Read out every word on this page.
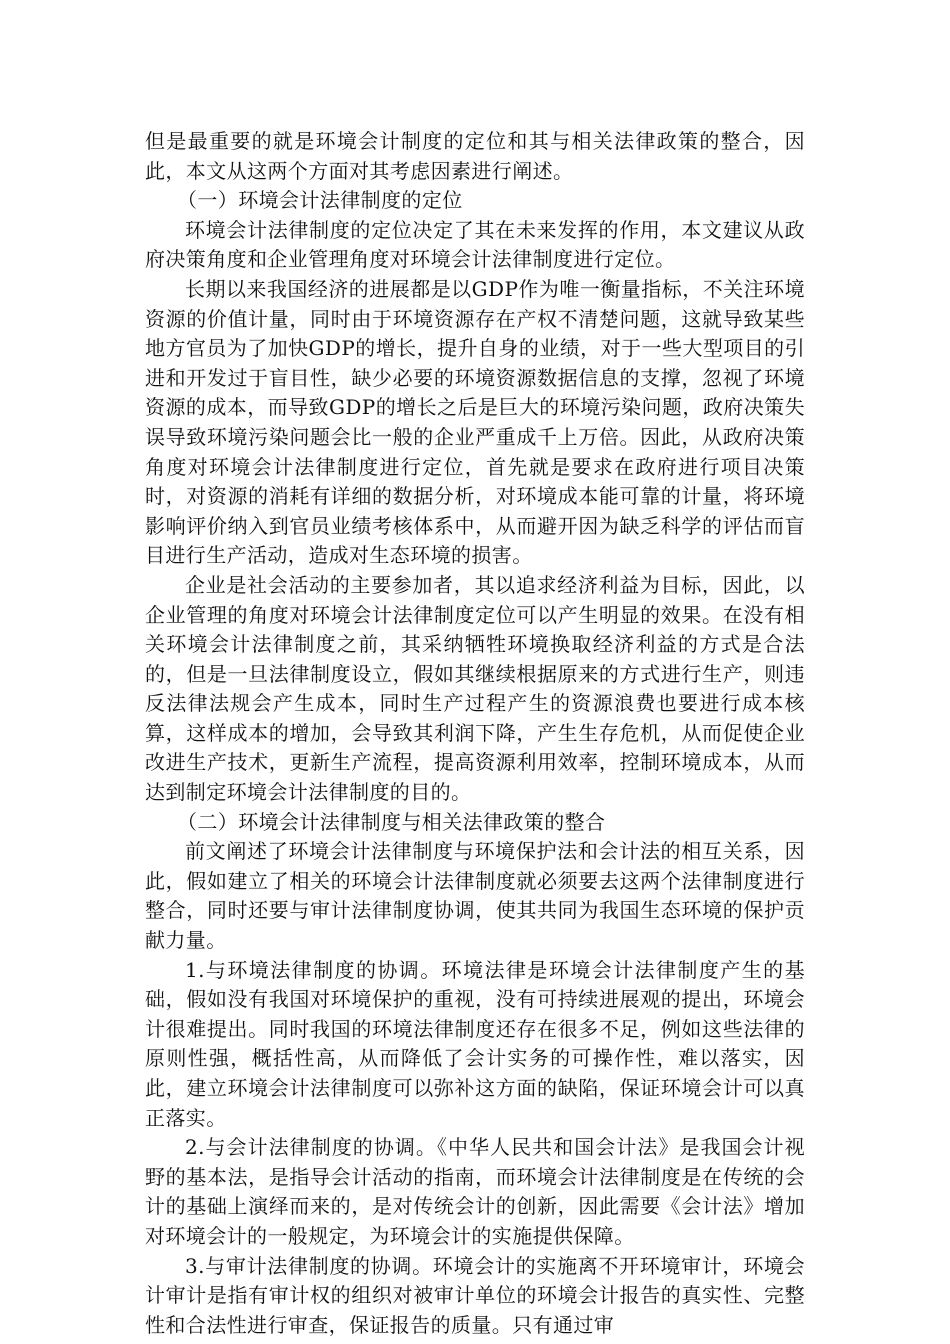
但是最重要的就是环境会计制度的定位和其与相关法律政策的整合，因此，本文从这两个方面对其考虑因素进行阐述。

（一）环境会计法律制度的定位

环境会计法律制度的定位决定了其在未来发挥的作用，本文建议从政府决策角度和企业管理角度对环境会计法律制度进行定位。

长期以来我国经济的进展都是以GDP作为唯一衡量指标，不关注环境资源的价值计量，同时由于环境资源存在产权不清楚问题，这就导致某些地方官员为了加快GDP的增长，提升自身的业绩，对于一些大型项目的引进和开发过于盲目性，缺少必要的环境资源数据信息的支撑，忽视了环境资源的成本，而导致GDP的增长之后是巨大的环境污染问题，政府决策失误导致环境污染问题会比一般的企业严重成千上万倍。因此，从政府决策角度对环境会计法律制度进行定位，首先就是要求在政府进行项目决策时，对资源的消耗有详细的数据分析，对环境成本能可靠的计量，将环境影响评价纳入到官员业绩考核体系中，从而避开因为缺乏科学的评估而盲目进行生产活动，造成对生态环境的损害。

企业是社会活动的主要参加者，其以追求经济利益为目标，因此，以企业管理的角度对环境会计法律制度定位可以产生明显的效果。在没有相关环境会计法律制度之前，其采纳牺牲环境换取经济利益的方式是合法的，但是一旦法律制度设立，假如其继续根据原来的方式进行生产，则违反法律法规会产生成本，同时生产过程产生的资源浪费也要进行成本核算，这样成本的增加，会导致其利润下降，产生生存危机，从而促使企业改进生产技术，更新生产流程，提高资源利用效率，控制环境成本，从而达到制定环境会计法律制度的目的。

（二）环境会计法律制度与相关法律政策的整合

前文阐述了环境会计法律制度与环境保护法和会计法的相互关系，因此，假如建立了相关的环境会计法律制度就必须要去这两个法律制度进行整合，同时还要与审计法律制度协调，使其共同为我国生态环境的保护贡献力量。

1.与环境法律制度的协调。环境法律是环境会计法律制度产生的基础，假如没有我国对环境保护的重视，没有可持续进展观的提出，环境会计很难提出。同时我国的环境法律制度还存在很多不足，例如这些法律的原则性强，概括性高，从而降低了会计实务的可操作性，难以落实，因此，建立环境会计法律制度可以弥补这方面的缺陷，保证环境会计可以真正落实。

2.与会计法律制度的协调。《中华人民共和国会计法》是我国会计视野的基本法，是指导会计活动的指南，而环境会计法律制度是在传统的会计的基础上演绎而来的，是对传统会计的创新，因此需要《会计法》增加对环境会计的一般规定，为环境会计的实施提供保障。

3.与审计法律制度的协调。环境会计的实施离不开环境审计，环境会计审计是指有审计权的组织对被审计单位的环境会计报告的真实性、完整性和合法性进行审查，保证报告的质量。只有通过审
